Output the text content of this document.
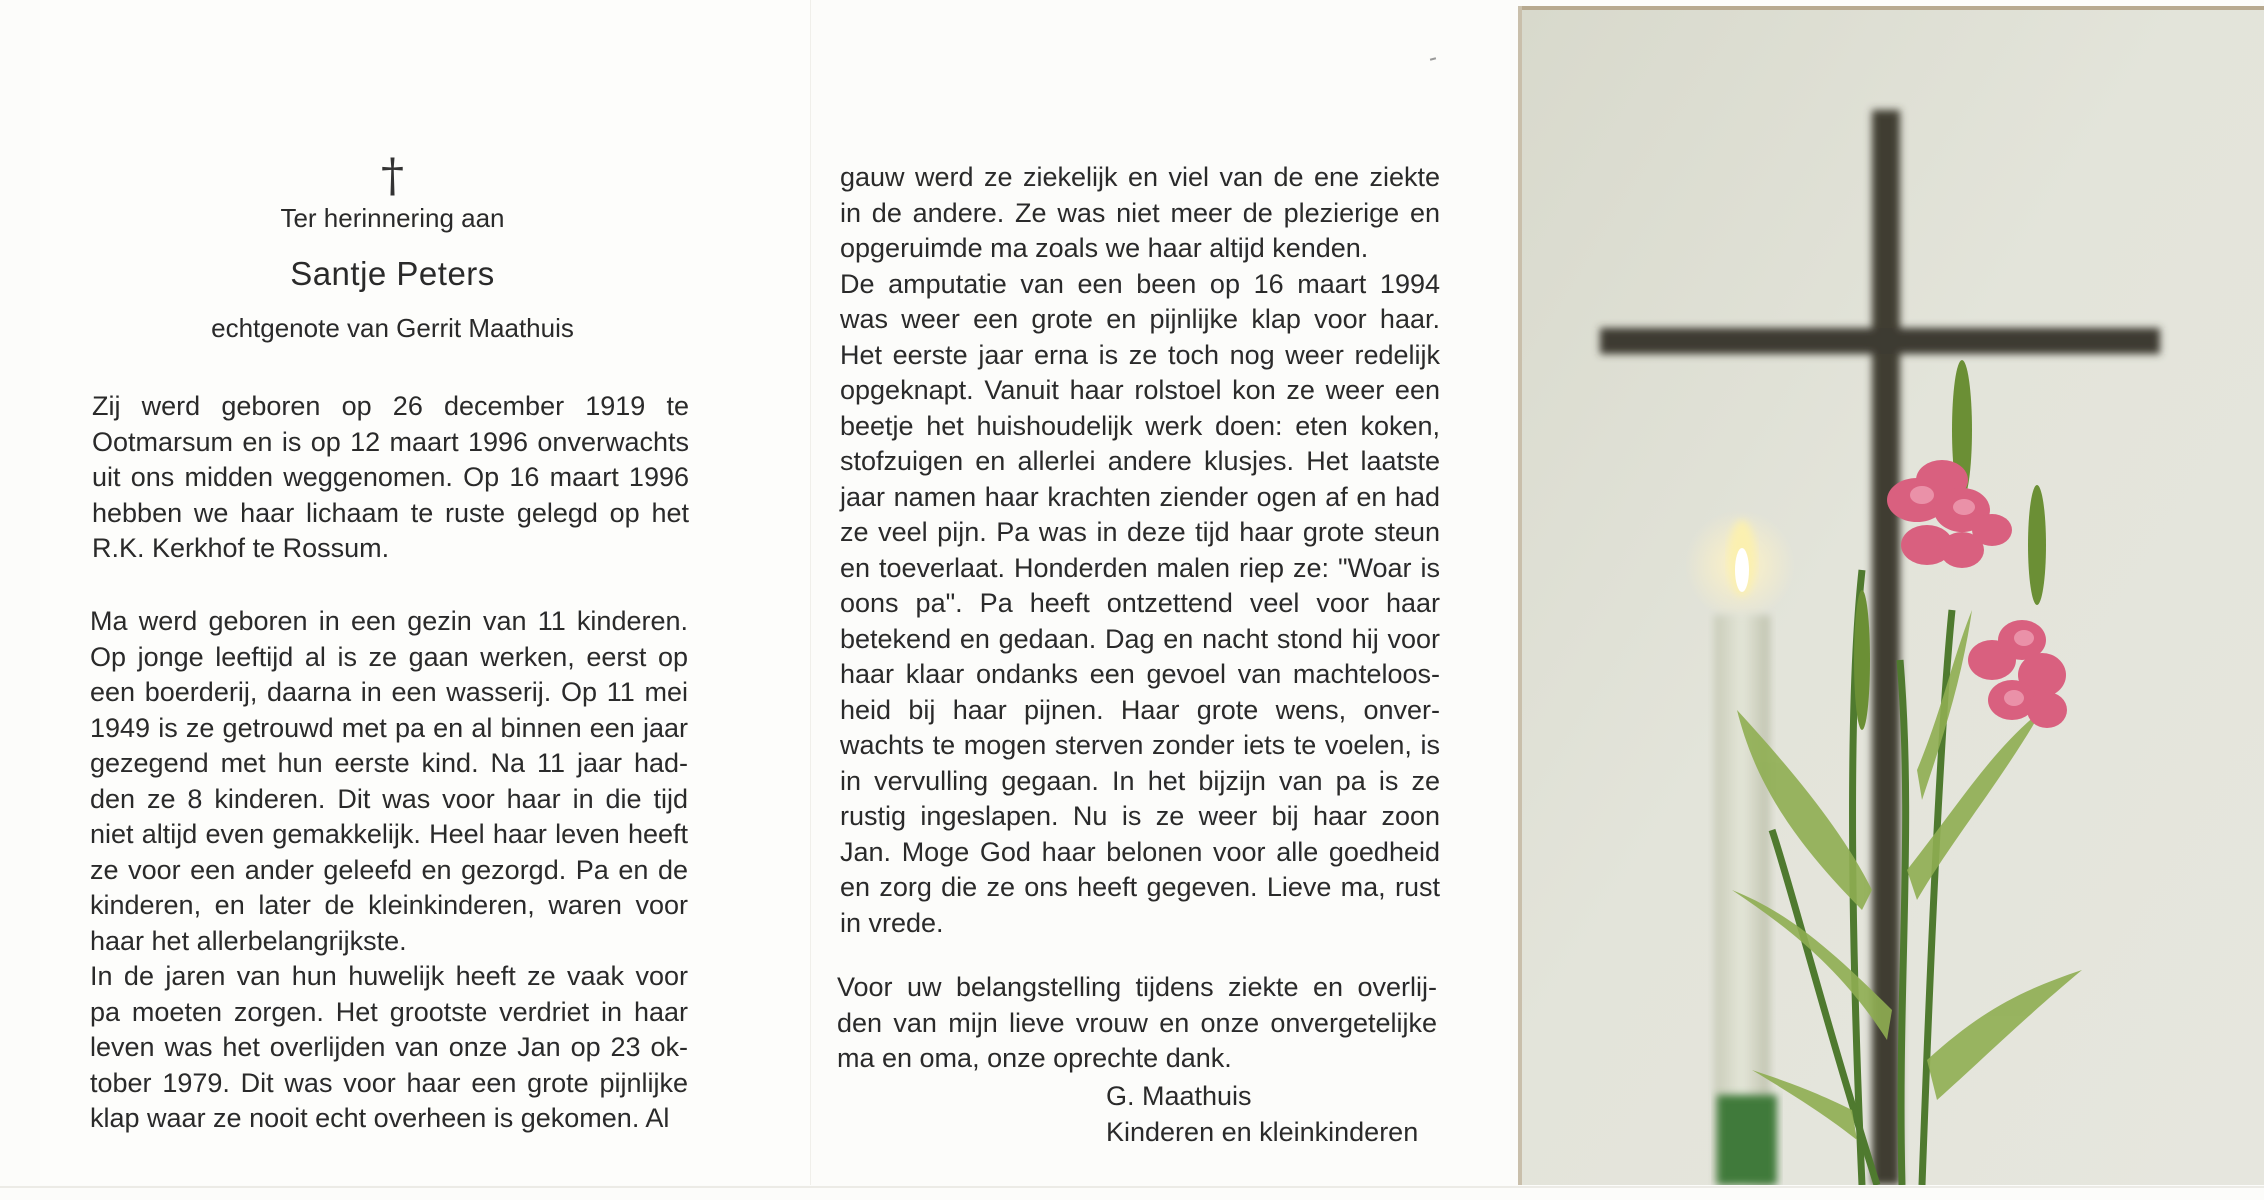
†
Ter herinnering aan
Santje Peters
echtgenote van Gerrit Maathuis

Zij werd geboren op 26 december 1919 te Ootmarsum en is op 12 maart 1996 onverwachts uit ons midden weggenomen. Op 16 maart 1996 hebben we haar lichaam te ruste gelegd op het R.K. Kerkhof te Rossum.

Ma werd geboren in een gezin van 11 kinderen. Op jonge leeftijd al is ze gaan werken, eerst op een boerderij, daarna in een wasserij. Op 11 mei 1949 is ze getrouwd met pa en al binnen een jaar gezegend met hun eerste kind. Na 11 jaar had-den ze 8 kinderen. Dit was voor haar in die tijd niet altijd even gemakkelijk. Heel haar leven heeft ze voor een ander geleefd en gezorgd. Pa en de kinderen, en later de kleinkinderen, waren voor haar het allerbelangrijkste.

In de jaren van hun huwelijk heeft ze vaak voor pa moeten zorgen. Het grootste verdriet in haar leven was het overlijden van onze Jan op 23 ok-tober 1979. Dit was voor haar een grote pijnlijke klap waar ze nooit echt overheen is gekomen. Al

gauw werd ze ziekelijk en viel van de ene ziekte in de andere. Ze was niet meer de plezierige en opgeruimde ma zoals we haar altijd kenden.

De amputatie van een been op 16 maart 1994 was weer een grote en pijnlijke klap voor haar. Het eerste jaar erna is ze toch nog weer redelijk opgeknapt. Vanuit haar rolstoel kon ze weer een beetje het huishoudelijk werk doen: eten koken, stofzuigen en allerlei andere klusjes. Het laatste jaar namen haar krachten ziender ogen af en had ze veel pijn. Pa was in deze tijd haar grote steun en toeverlaat. Honderden malen riep ze: "Woar is oons pa". Pa heeft ontzettend veel voor haar betekend en gedaan. Dag en nacht stond hij voor haar klaar ondanks een gevoel van machteloos-heid bij haar pijnen. Haar grote wens, onver-wachts te mogen sterven zonder iets te voelen, is in vervulling gegaan. In het bijzijn van pa is ze rustig ingeslapen. Nu is ze weer bij haar zoon Jan. Moge God haar belonen voor alle goedheid en zorg die ze ons heeft gegeven. Lieve ma, rust in vrede.

Voor uw belangstelling tijdens ziekte en overlij-den van mijn lieve vrouw en onze onvergetelijke ma en oma, onze oprechte dank.

G. Maathuis
Kinderen en kleinkinderen
